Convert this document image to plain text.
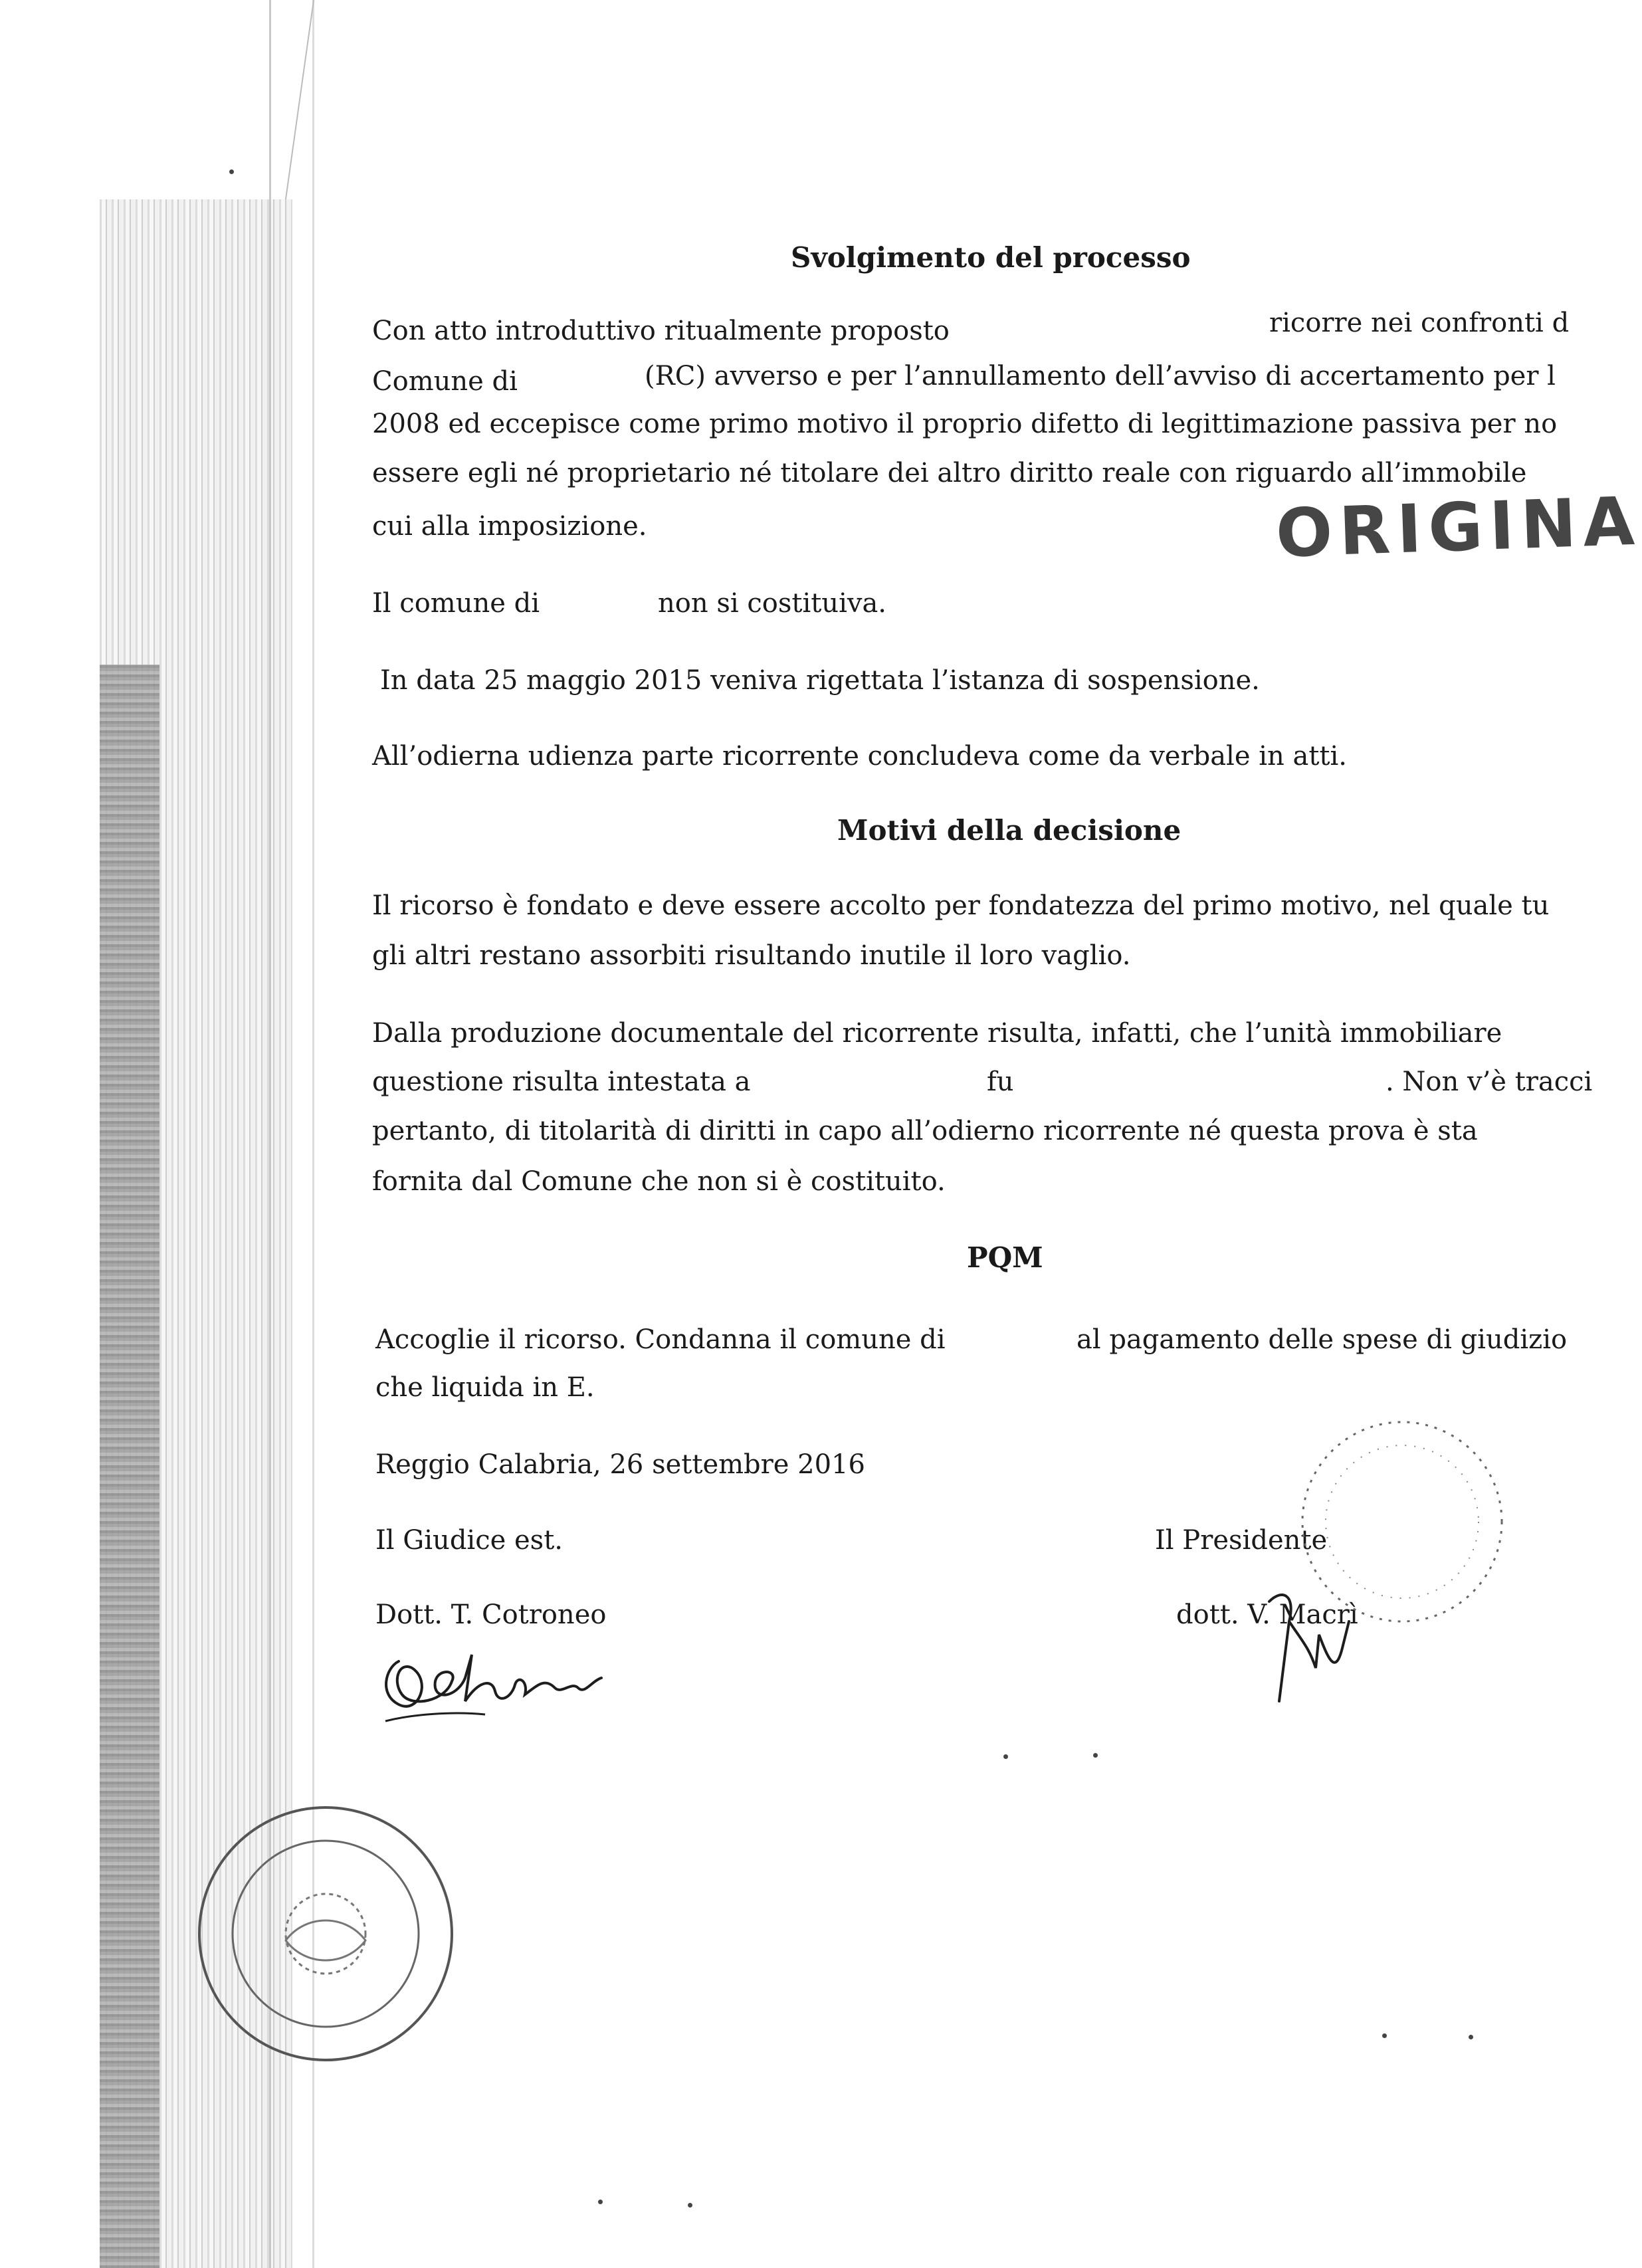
Svolgimento del processo
Con atto introduttivo ritualmente proposto	ricorre nei confronti d
Comune di	(RC) avverso e per l’annullamento dell’avviso di accertamento per l
2008 ed eccepisce come primo motivo il proprio difetto di legittimazione passiva per no
essere egli né proprietario né titolare dei altro diritto reale con riguardo all’immobile
cui alla imposizione.	ORIGINA
Il comune di	non si costituiva.
In data 25 maggio 2015 veniva rigettata l’istanza di sospensione.
All’odierna udienza parte ricorrente concludeva come da verbale in atti.
Motivi della decisione
Il ricorso è fondato e deve essere accolto per fondatezza del primo motivo, nel quale tu
gli altri restano assorbiti risultando inutile il loro vaglio.
Dalla produzione documentale del ricorrente risulta, infatti, che l’unità immobiliare
questione risulta intestata a	fu	. Non v’è tracci
pertanto, di titolarità di diritti in capo all’odierno ricorrente né questa prova è sta
fornita dal Comune che non si è costituito.
PQM
Accoglie il ricorso. Condanna il comune di	al pagamento delle spese di giudizio
che liquida in E.
Reggio Calabria, 26 settembre 2016
Il Giudice est.	Il Presidente
Dott. T. Cotroneo	dott. V. Macrì
